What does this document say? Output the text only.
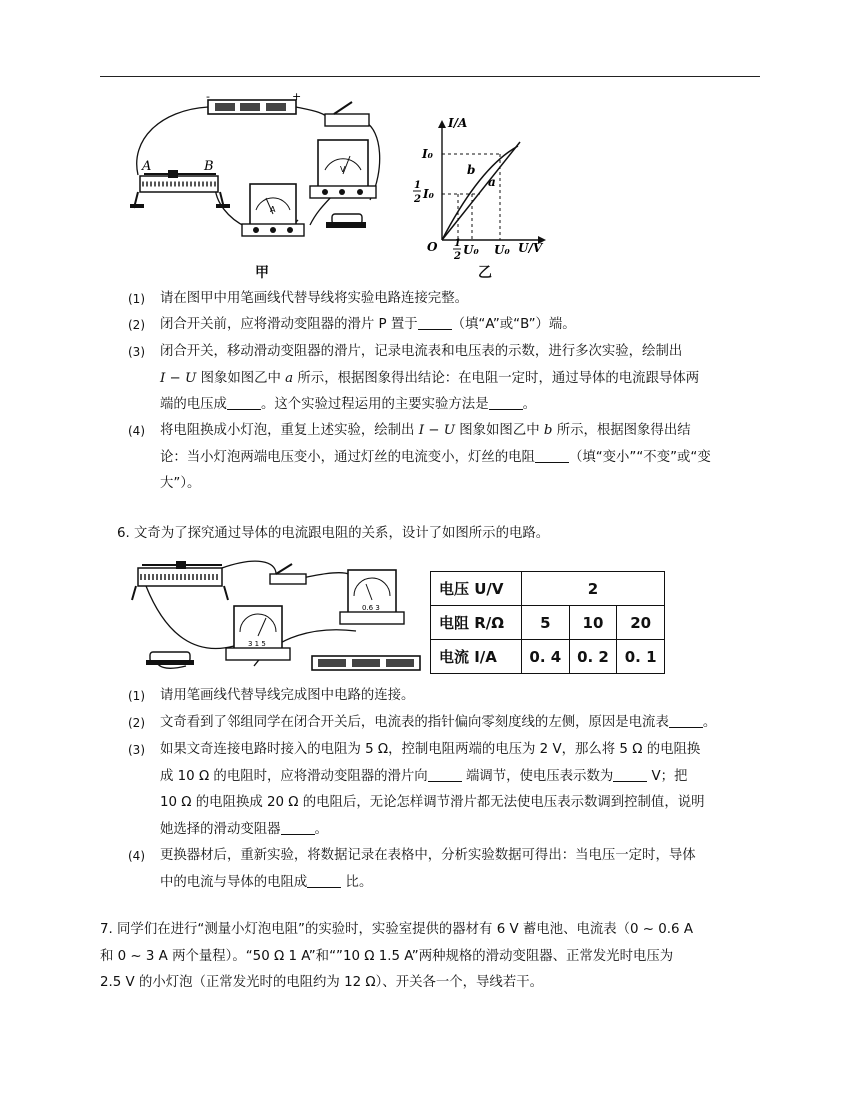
-	+
A	B	V
A
甲
I/A
U/V
O
b
a
I₀
1
2 I₀
1
2 U₀ U₀
乙
(1) 请在图甲中用笔画线代替导线将实验电路连接完整。
(2) 闭合开关前，应将滑动变阻器的滑片 P 置于	（填“A”或“B”）端。
(3) 闭合开关，移动滑动变阻器的滑片，记录电流表和电压表的示数，进行多次实验，绘制出
I − U 图象如图乙中 a 所示，根据图象得出结论：在电阻一定时，通过导体的电流跟导体两
端的电压成	。这个实验过程运用的主要实验方法是	。
(4) 将电阻换成小灯泡，重复上述实验，绘制出 I − U 图象如图乙中 b 所示，根据图象得出结
论：当小灯泡两端电压变小，通过灯丝的电流变小，灯丝的电阻	（填“变小”“不变”或“变
大”）。
6. 文奇为了探究通过导体的电流跟电阻的关系，设计了如图所示的电路。
3 1 5
0.6 3
电压 U/V	2		
电阻 R/Ω	5	10	20
电流 I/A	0. 4	0. 2	0. 1
(1) 请用笔画线代替导线完成图中电路的连接。
(2) 文奇看到了邻组同学在闭合开关后，电流表的指针偏向零刻度线的左侧，原因是电流表	。
(3) 如果文奇连接电路时接入的电阻为 5 Ω，控制电阻两端的电压为 2 V，那么将 5 Ω 的电阻换
成 10 Ω 的电阻时，应将滑动变阻器的滑片向	端调节，使电压表示数为	V；把
10 Ω 的电阻换成 20 Ω 的电阻后，无论怎样调节滑片都无法使电压表示数调到控制值，说明
她选择的滑动变阻器	。
(4) 更换器材后，重新实验，将数据记录在表格中，分析实验数据可得出：当电压一定时，导体
中的电流与导体的电阻成	比。
7. 同学们在进行“测量小灯泡电阻”的实验时，实验室提供的器材有 6 V 蓄电池、电流表（0 ~ 0.6 A
和 0 ~ 3 A 两个量程）。“50 Ω 1 A”和“”10 Ω 1.5 A”两种规格的滑动变阻器、正常发光时电压为
2.5 V 的小灯泡（正常发光时的电阻约为 12 Ω）、开关各一个，导线若干。
